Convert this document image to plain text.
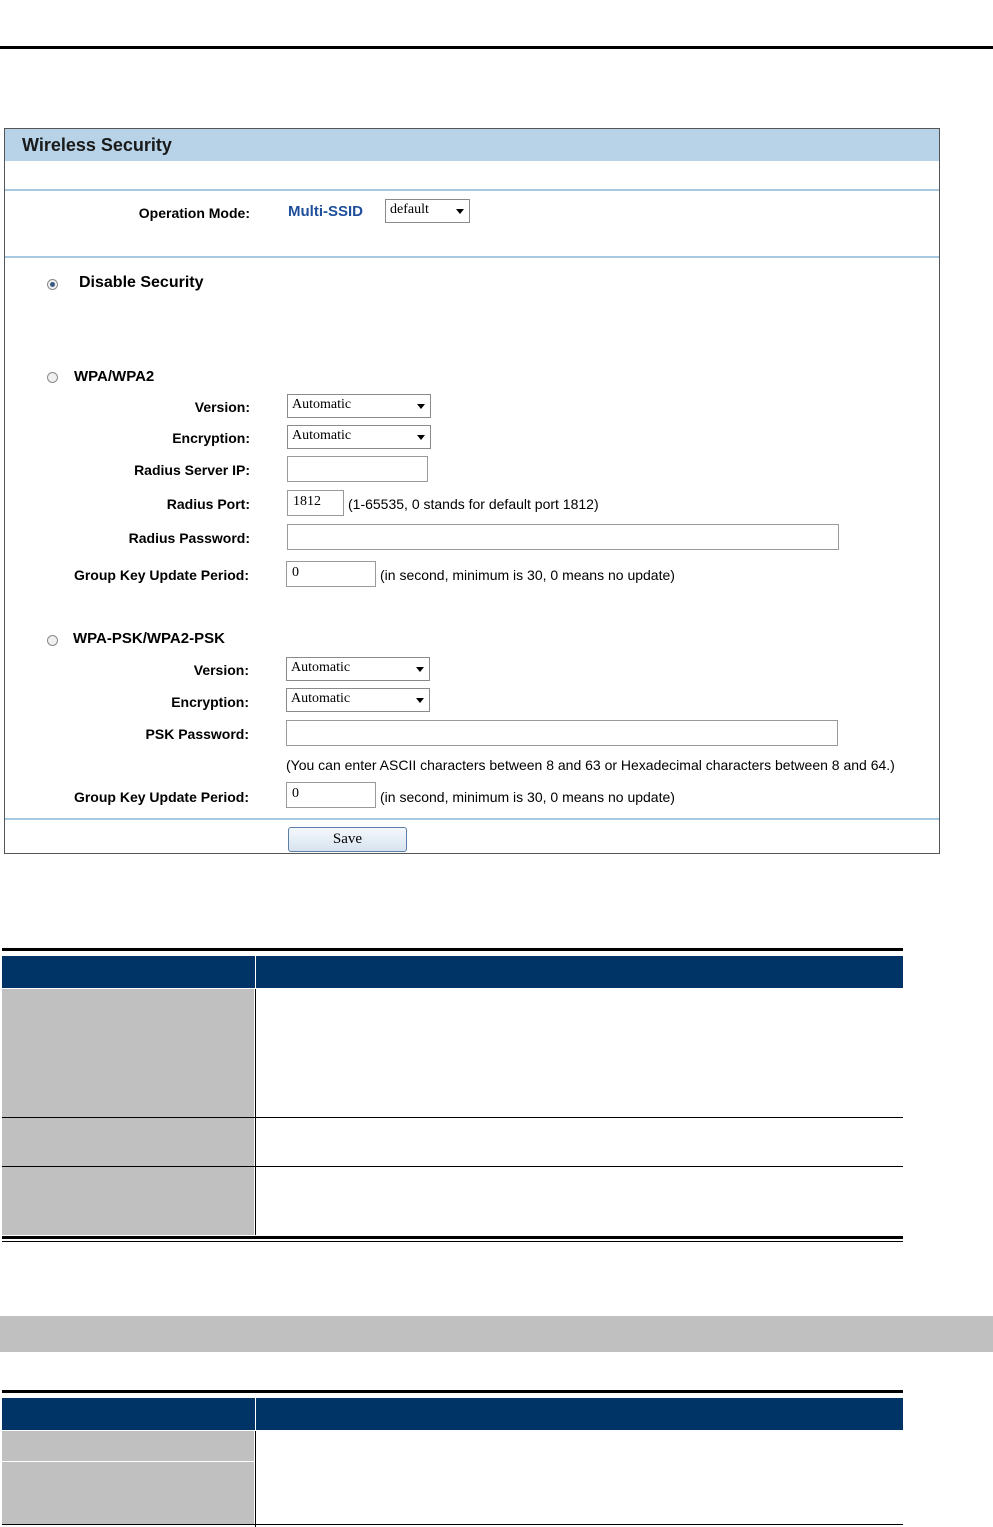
Wireless Security
Operation Mode:	Multi-SSID	default
Disable Security
WPA/WPA2
Version:	Automatic
Encryption:	Automatic
Radius Server IP:
Radius Port:	1812	(1-65535, 0 stands for default port 1812)
Radius Password:
Group Key Update Period:	0	(in second, minimum is 30, 0 means no update)
WPA-PSK/WPA2-PSK
Version:	Automatic
Encryption:	Automatic
PSK Password:
(You can enter ASCII characters between 8 and 63 or Hexadecimal characters between 8 and 64.)
Group Key Update Period:	0	(in second, minimum is 30, 0 means no update)
Save
